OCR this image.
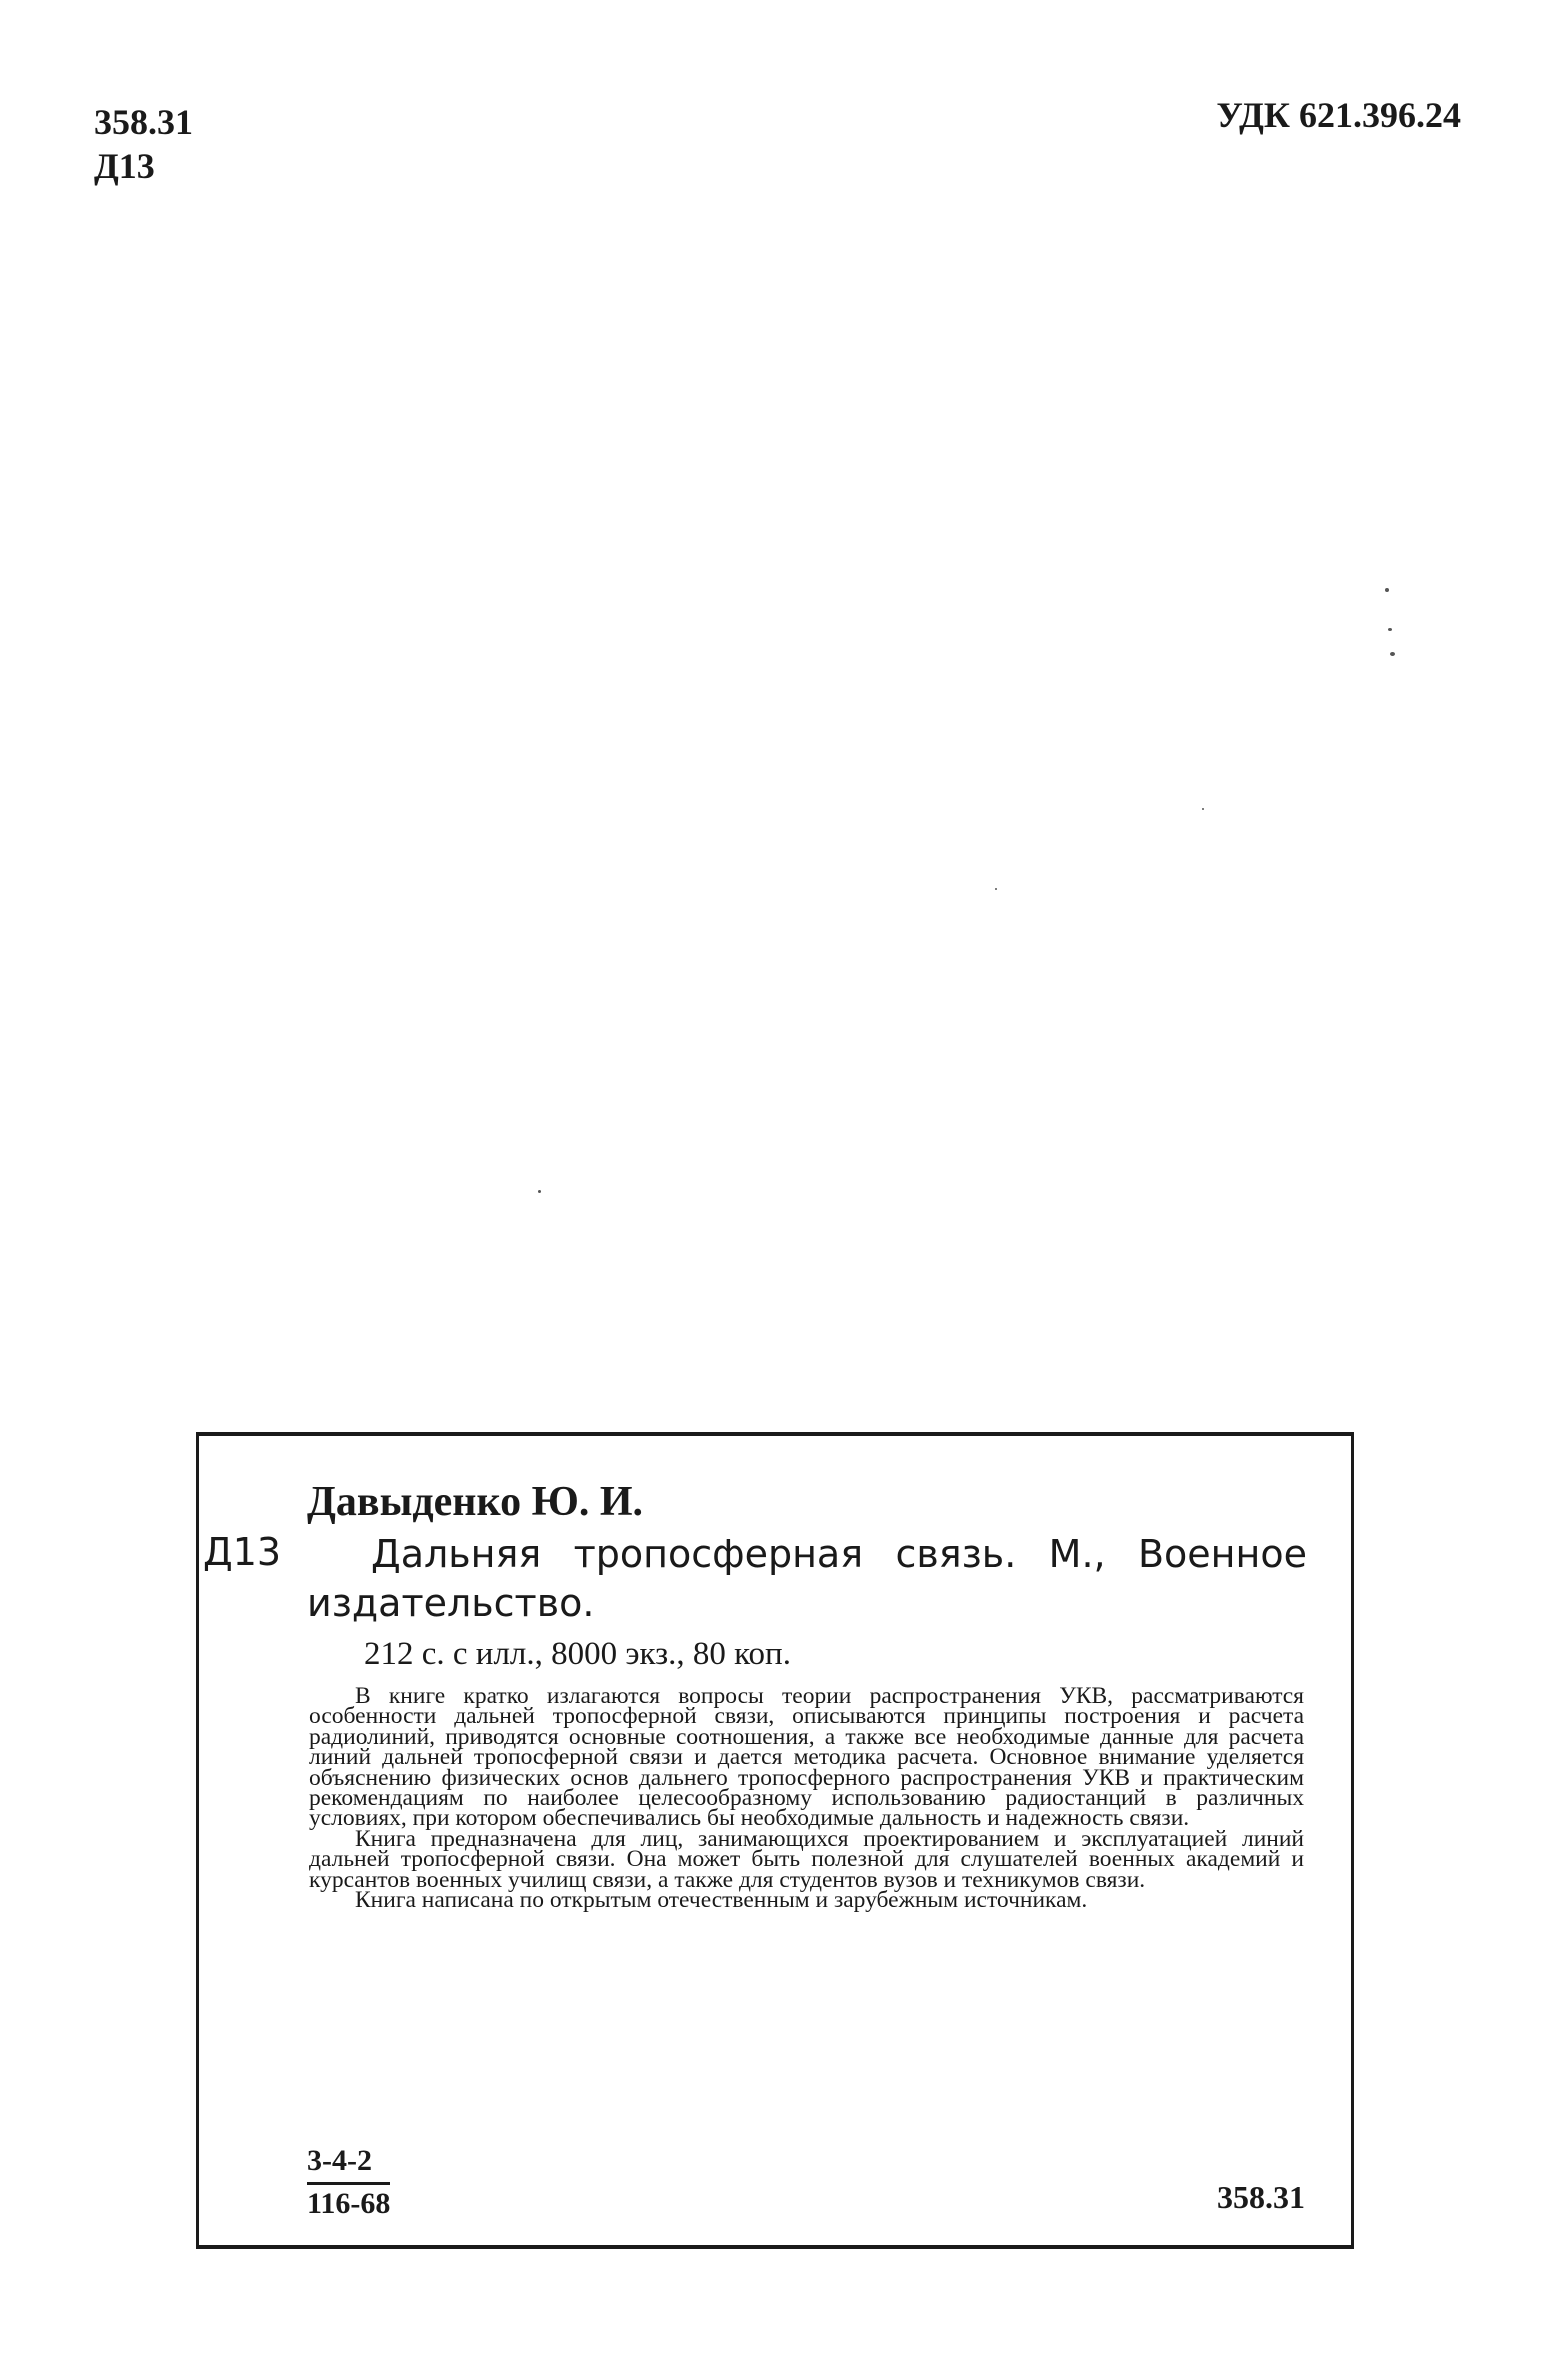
358.31
Д13
УДК 621.396.24
Давыденко Ю. И.
Д13	Дальняя тропосферная связь. М., Военное издательство.

212 с. с илл., 8000 экз., 80 коп.

В книге кратко излагаются вопросы теории распространения УКВ, рассматриваются особенности дальней тропосферной связи, описываются принципы построения и расчета радиолиний, приводятся основные соотношения, а также все необходимые данные для расчета линий дальней тропосферной связи и дается методика расчета. Основное внимание уделяется объяснению физических основ дальнего тропосферного распространения УКВ и практическим рекомендациям по наиболее целесообразному использованию радиостанций в различных условиях, при котором обеспечивались бы необходимые дальность и надежность связи.

Книга предназначена для лиц, занимающихся проектированием и эксплуатацией линий дальней тропосферной связи. Она может быть полезной для слушателей военных академий и курсантов военных училищ связи, а также для студентов вузов и техникумов связи.

Книга написана по открытым отечественным и зарубежным источникам.

$\frac{3-4-2}{116-68}$	358.31
